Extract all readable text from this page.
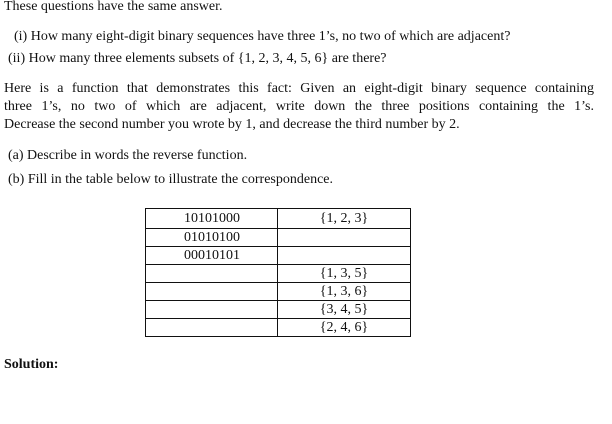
These questions have the same answer.

(i) How many eight-digit binary sequences have three 1’s, no two of which are adjacent?

(ii) How many three elements subsets of {1, 2, 3, 4, 5, 6} are there?

Here is a function that demonstrates this fact: Given an eight-digit binary sequence containing
three 1’s, no two of which are adjacent, write down the three positions containing the 1’s.
Decrease the second number you wrote by 1, and decrease the third number by 2.

(a) Describe in words the reverse function.

(b) Fill in the table below to illustrate the correspondence.

10101000	{1, 2, 3}
01010100	
00010101	
	{1, 3, 5}
	{1, 3, 6}
	{3, 4, 5}
	{2, 4, 6}
Solution:
